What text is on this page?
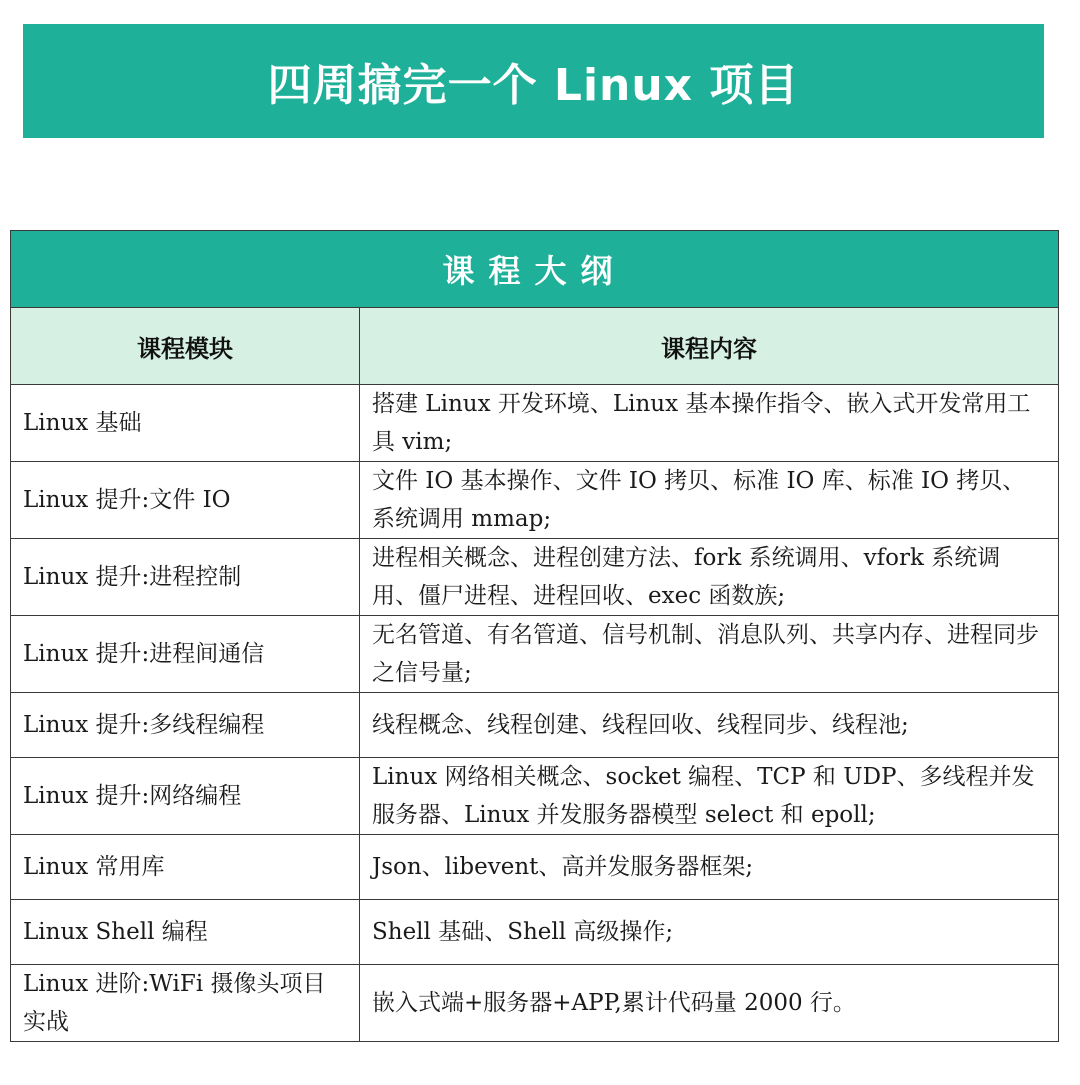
四周搞完一个 Linux 项目
课程大纲	
课程模块	课程内容
Linux 基础	搭建 Linux 开发环境、Linux 基本操作指令、嵌入式开发常用工具 vim;
Linux 提升:文件 IO	文件 IO 基本操作、文件 IO 拷贝、标准 IO 库、标准 IO 拷贝、系统调用 mmap;
Linux 提升:进程控制	进程相关概念、进程创建方法、fork 系统调用、vfork 系统调用、僵尸进程、进程回收、exec 函数族;
Linux 提升:进程间通信	无名管道、有名管道、信号机制、消息队列、共享内存、进程同步之信号量;
Linux 提升:多线程编程	线程概念、线程创建、线程回收、线程同步、线程池;
Linux 提升:网络编程	Linux 网络相关概念、socket 编程、TCP 和 UDP、多线程并发服务器、Linux 并发服务器模型 select 和 epoll;
Linux 常用库	Json、libevent、高并发服务器框架;
Linux Shell 编程	Shell 基础、Shell 高级操作;
Linux 进阶:WiFi 摄像头项目实战	嵌入式端+服务器+APP,累计代码量 2000 行。
